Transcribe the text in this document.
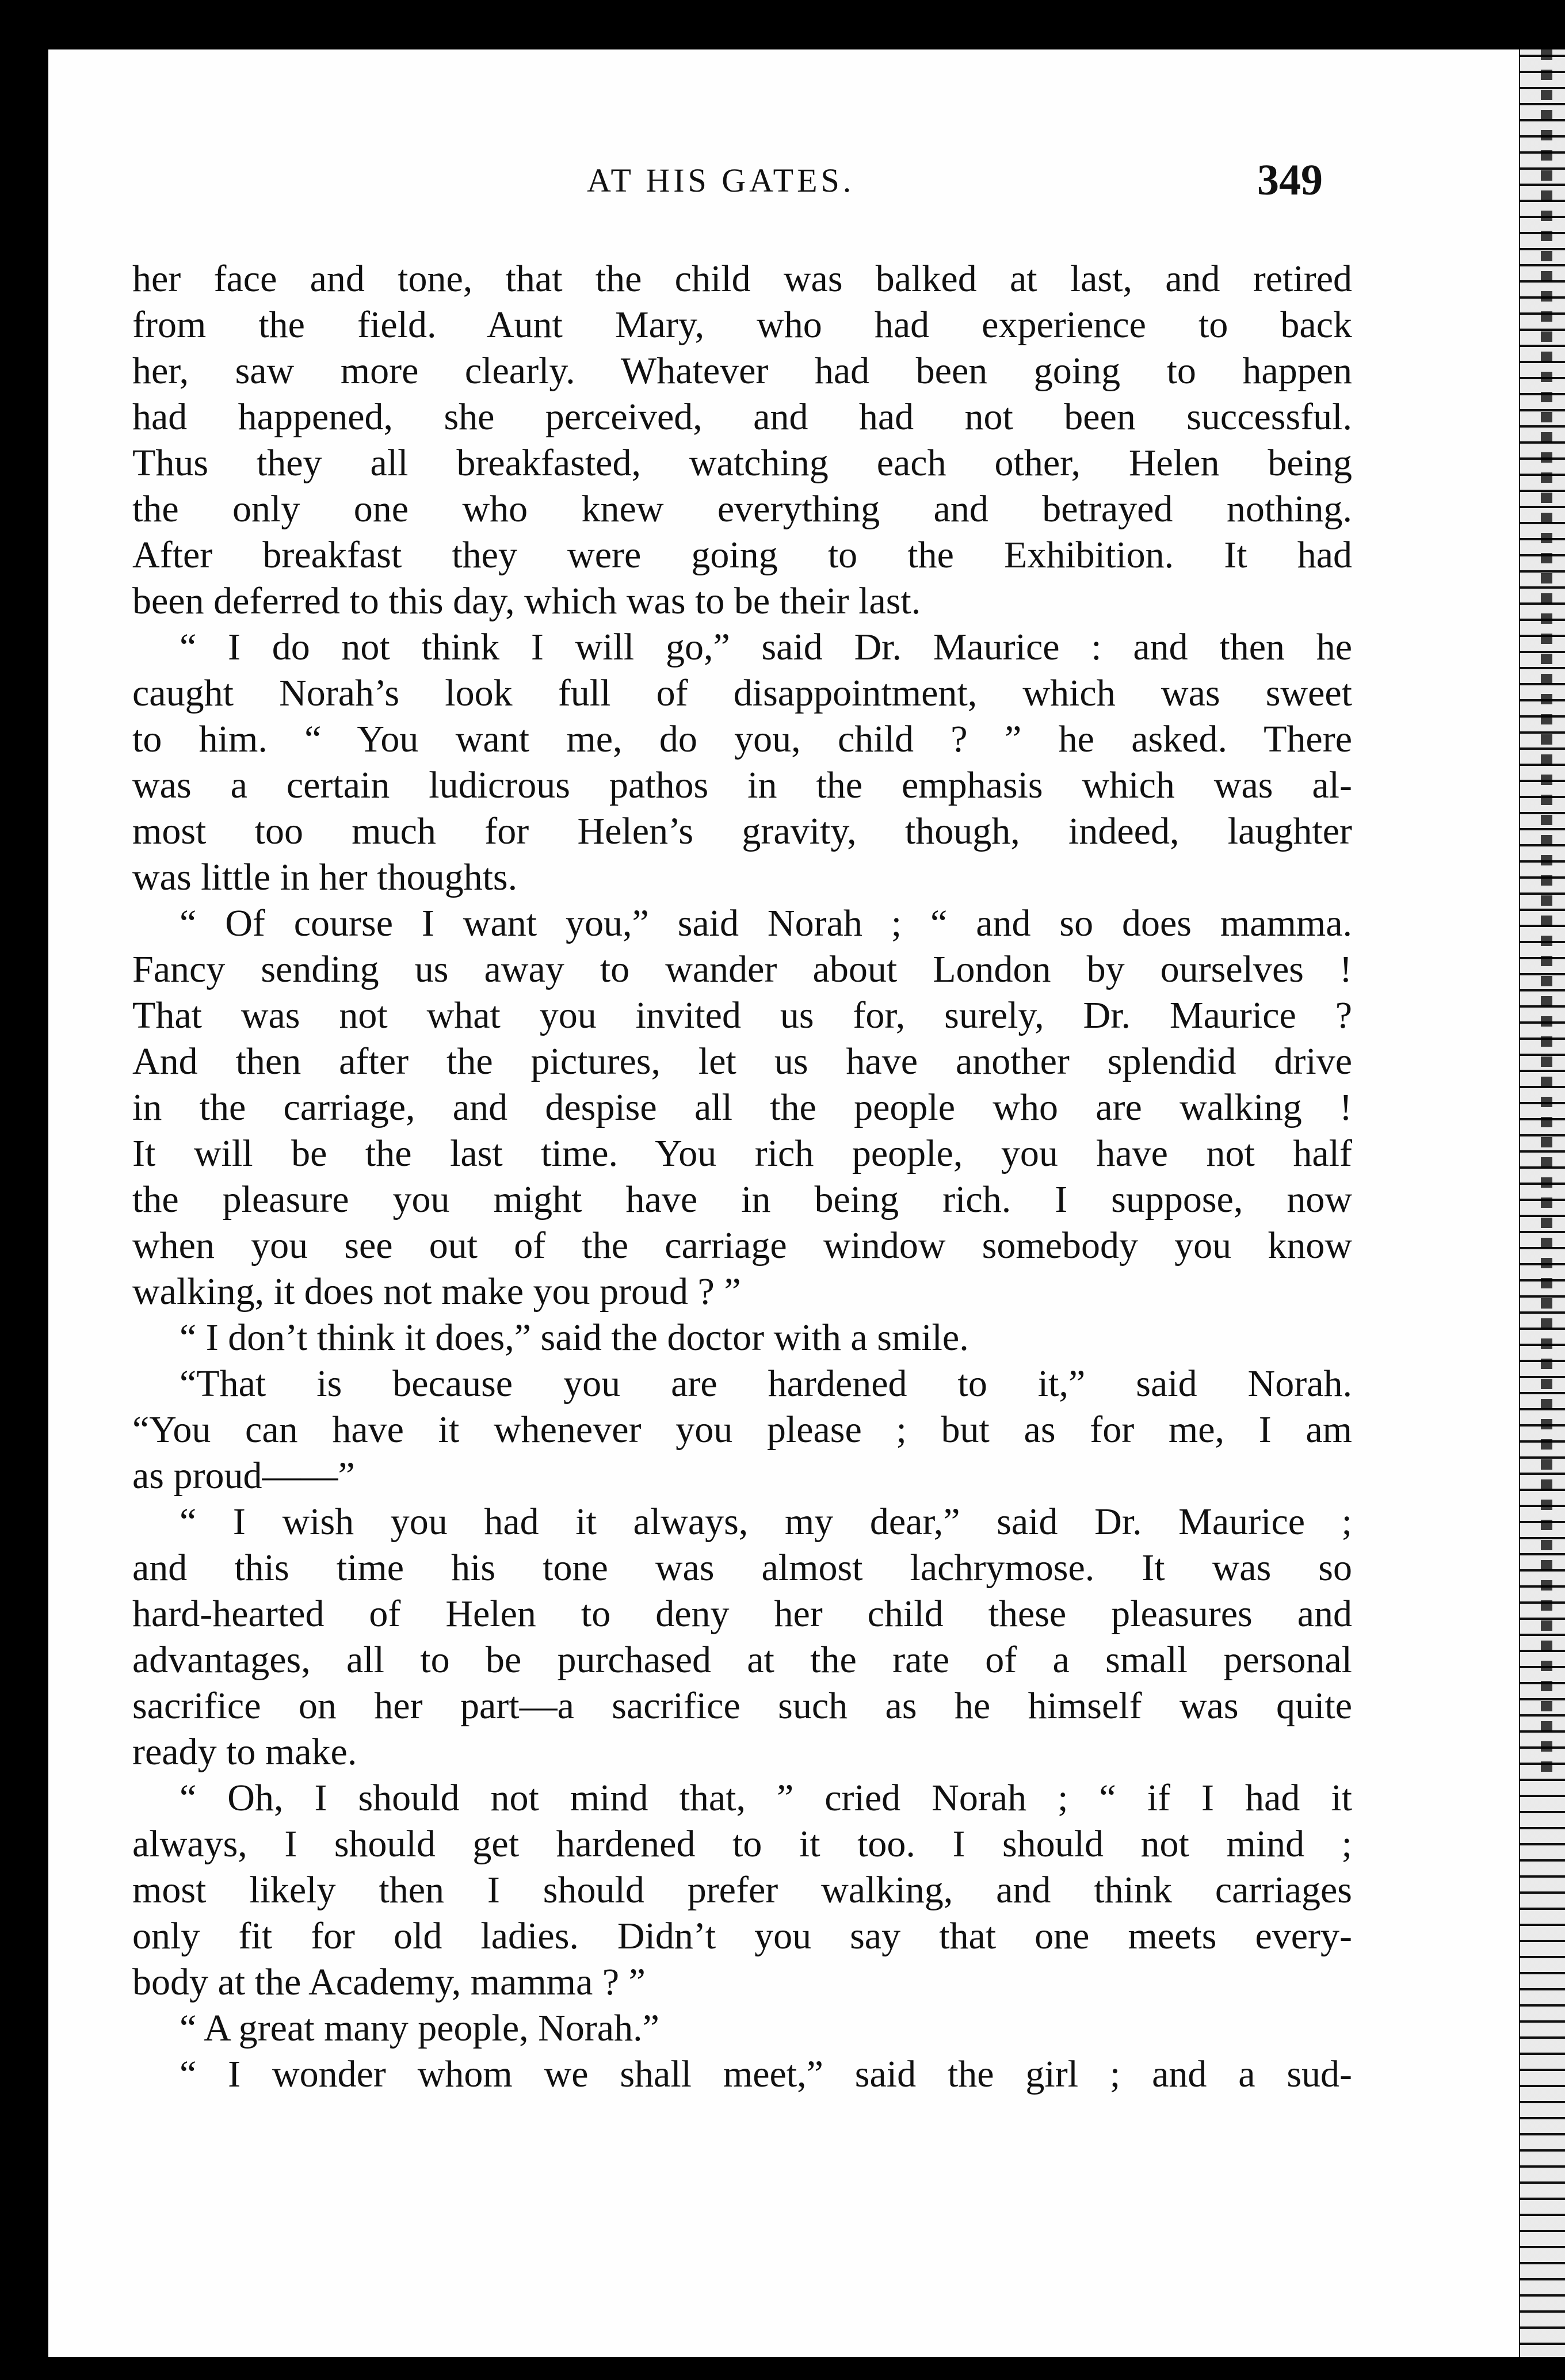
AT HIS GATES.	349
her face and tone, that the child was balked at last, and retired
from the field. Aunt Mary, who had experience to back
her, saw more clearly. Whatever had been going to happen
had happened, she perceived, and had not been successful.
Thus they all breakfasted, watching each other, Helen being
the only one who knew everything and betrayed nothing.
After breakfast they were going to the Exhibition. It had
been deferred to this day, which was to be their last.
“ I do not think I will go,” said Dr. Maurice : and then he
caught Norah’s look full of disappointment, which was sweet
to him. “ You want me, do you, child ? ” he asked. There
was a certain ludicrous pathos in the emphasis which was al-
most too much for Helen’s gravity, though, indeed, laughter
was little in her thoughts.
“ Of course I want you,” said Norah ; “ and so does mamma.
Fancy sending us away to wander about London by ourselves !
That was not what you invited us for, surely, Dr. Maurice ?
And then after the pictures, let us have another splendid drive
in the carriage, and despise all the people who are walking !
It will be the last time. You rich people, you have not half
the pleasure you might have in being rich. I suppose, now
when you see out of the carriage window somebody you know
walking, it does not make you proud ? ”
“ I don’t think it does,” said the doctor with a smile.
“That is because you are hardened to it,” said Norah.
“You can have it whenever you please ; but as for me, I am
as proud——”
“ I wish you had it always, my dear,” said Dr. Maurice ;
and this time his tone was almost lachrymose. It was so
hard-hearted of Helen to deny her child these pleasures and
advantages, all to be purchased at the rate of a small personal
sacrifice on her part—a sacrifice such as he himself was quite
ready to make.
“ Oh, I should not mind that, ” cried Norah ; “ if I had it
always, I should get hardened to it too. I should not mind ;
most likely then I should prefer walking, and think carriages
only fit for old ladies. Didn’t you say that one meets every-
body at the Academy, mamma ? ”
“ A great many people, Norah.”
“ I wonder whom we shall meet,” said the girl ; and a sud-
